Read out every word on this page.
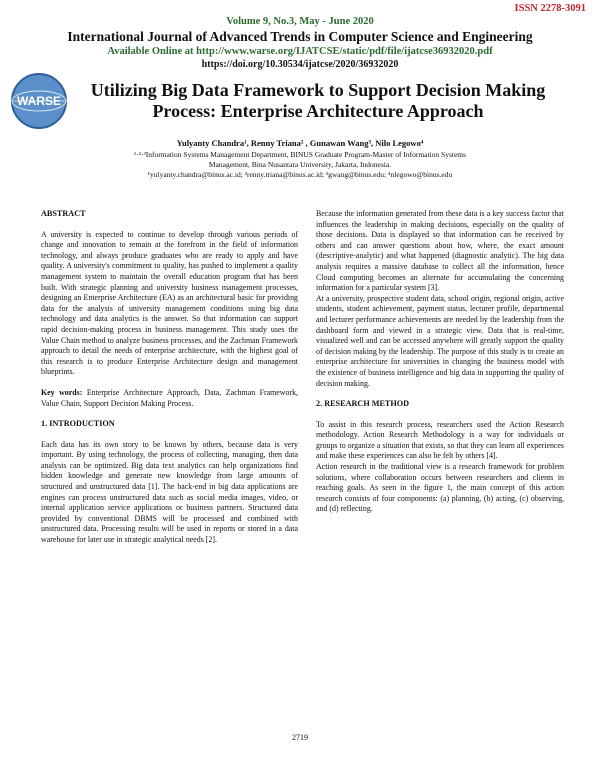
ISSN 2278-3091
Volume 9, No.3, May - June 2020
International Journal of Advanced Trends in Computer Science and Engineering
Available Online at http://www.warse.org/IJATCSE/static/pdf/file/ijatcse36932020.pdf
https://doi.org/10.30534/ijatcse/2020/36932020
WARSE
Utilizing Big Data Framework to Support Decision Making
Process: Enterprise Architecture Approach
Yulyanty Chandra¹, Renny Triana² , Gunawan Wang³, Nilo Legowo⁴
¹·²·³Information Systems Management Department, BINUS Graduate Program-Master of Information Systems
Management, Bina Nusantara University, Jakarta, Indonesia.
¹yulyanty.chandra@binus.ac.id; ²renny.triana@binus.ac.id; ³gwang@binus.edu; ⁴nlegowo@binus.edu

ABSTRACT

A university is expected to continue to develop through various periods of change and innovation to remain at the forefront in the field of information technology, and always produce graduates who are ready to apply and have quality. A university's commitment to quality, has pushed to implement a quality management system to maintain the overall education program that has been built. With strategic planning and university business management processes, designing an Enterprise Architecture (EA) as an architectural basic for providing data for the analysis of university management conditions using big data technology and data analytics is the answer. So that information can support rapid decision-making process in business management. This study uses the Value Chain method to analyze business processes, and the Zachman Framework approach to detail the needs of enterprise architecture, with the highest goal of this research is to produce Enterprise Architecture design and management blueprints.

Key words: Enterprise Architecture Approach, Data, Zachman Framework, Value Chain, Support Decision Making Process.

1. INTRODUCTION

Each data has its own story to be known by others, because data is very important. By using technology, the process of collecting, managing, then data analysis can be optimized. Big data text analytics can help organizations find hidden knowledge and generate new knowledge from large amounts of structured and unstructured data [1]. The back-end in big data applications are engines can process unstructured data such as social media images, video, or internal application service applications or business partners. Structured data provided by conventional DBMS will be processed and combined with unstructured data. Processing results will be used in reports or stored in a data warehouse for later use in strategic analytical needs [2].

Because the information generated from these data is a key success factor that influences the leadership in making decisions, especially on the quality of those decisions. Data is displayed so that information can be received by others and can answer questions about how, where, the exact amount (descriptive-analytic) and what happened (diagnostic analytic). The big data analysis requires a massive database to collect all the information, hence Cloud computing becomes an alternate for accumulating the concerning information for a particular system [3].

At a university, prospective student data, school origin, regional origin, active students, student achievement, payment status, lecturer profile, departmental and lecturer performance achievements are needed by the leadership from the dashboard form and viewed in a strategic view. Data that is real-time, visualized well and can be accessed anywhere will greatly support the quality of decision making by the leadership. The purpose of this study is to create an enterprise architecture for universities in changing the business model with the existence of business intelligence and big data in supporting the quality of decision making.

2. RESEARCH METHOD

To assist in this research process, researchers used the Action Research methodology. Action Research Methodology is a way for individuals or groups to organize a situation that exists, so that they can learn all experiences and make these experiences can also be felt by others [4].

Action research in the traditional view is a research framework for problem solutions, where collaboration occurs between researchers and clients in reaching goals. As seen in the figure 1, the main concept of this action research consists of four components: (a) planning, (b) acting, (c) observing, and (d) reflecting.

2719
